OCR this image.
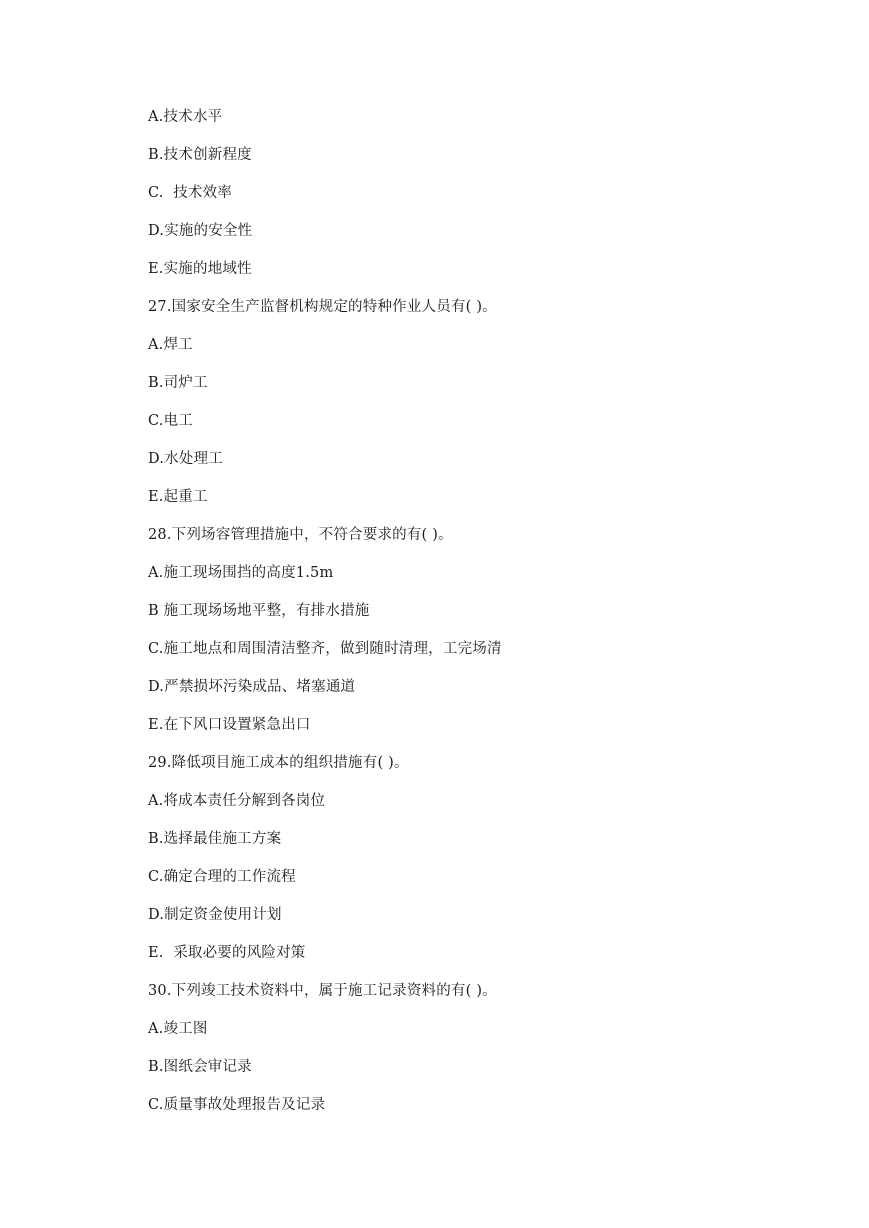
A.技术水平
B.技术创新程度
C.  技术效率
D.实施的安全性
E.实施的地域性
27.国家安全生产监督机构规定的特种作业人员有( )。
A.焊工
B.司炉工
C.电工
D.水处理工
E.起重工
28.下列场容管理措施中，不符合要求的有( )。
A.施工现场围挡的高度1.5m
B 施工现场场地平整，有排水措施
C.施工地点和周围清洁整齐，做到随时清理，工完场清
D.严禁损坏污染成品、堵塞通道
E.在下风口设置紧急出口
29.降低项目施工成本的组织措施有( )。
A.将成本责任分解到各岗位
B.选择最佳施工方案
C.确定合理的工作流程
D.制定资金使用计划
E.  采取必要的风险对策
30.下列竣工技术资料中，属于施工记录资料的有( )。
A.竣工图
B.图纸会审记录
C.质量事故处理报告及记录
